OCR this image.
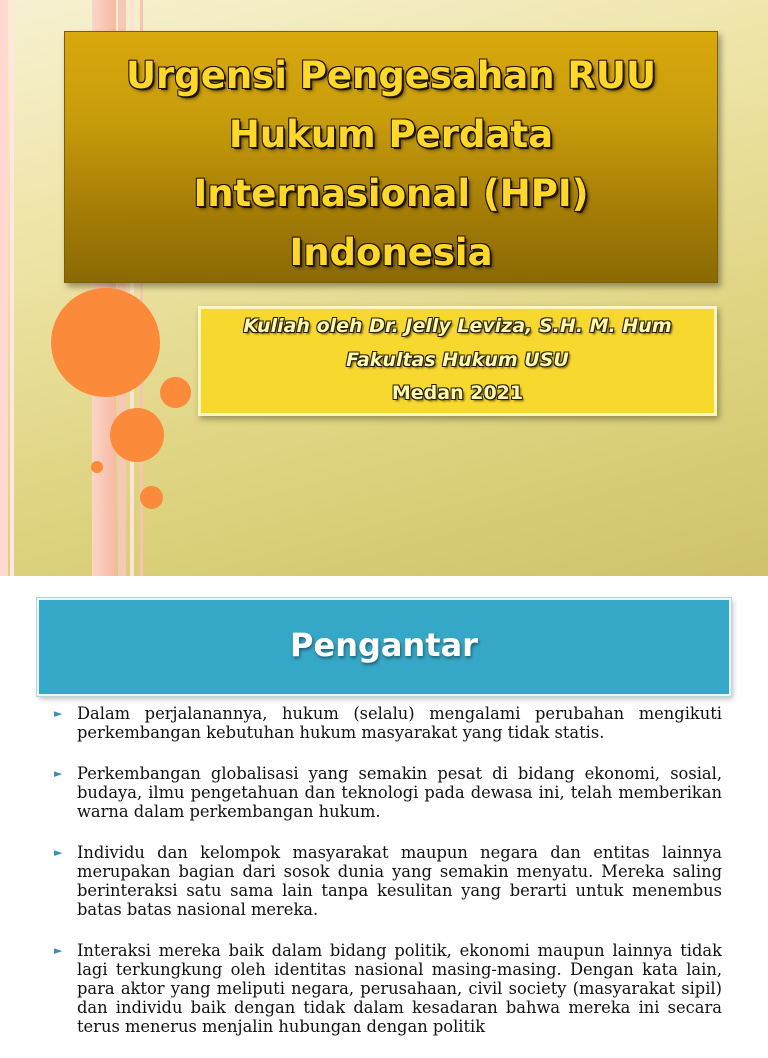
Urgensi Pengesahan RUU
Hukum Perdata
Internasional (HPI)
Indonesia
Kuliah oleh Dr. Jelly Leviza, S.H. M. Hum
Fakultas Hukum USU
Medan 2021
Pengantar
► Dalam perjalanannya, hukum (selalu) mengalami perubahan mengikuti perkembangan kebutuhan hukum masyarakat yang tidak statis.
► Perkembangan globalisasi yang semakin pesat di bidang ekonomi, sosial, budaya, ilmu pengetahuan dan teknologi pada dewasa ini, telah memberikan warna dalam perkembangan hukum.
► Individu dan kelompok masyarakat maupun negara dan entitas lainnya merupakan bagian dari sosok dunia yang semakin menyatu. Mereka saling berinteraksi satu sama lain tanpa kesulitan yang berarti untuk menembus batas batas nasional mereka.
► Interaksi mereka baik dalam bidang politik, ekonomi maupun lainnya tidak lagi terkungkung oleh identitas nasional masing-masing. Dengan kata lain, para aktor yang meliputi negara, perusahaan, civil society (masyarakat sipil) dan individu baik dengan tidak dalam kesadaran bahwa mereka ini secara terus menerus menjalin hubungan dengan politik
